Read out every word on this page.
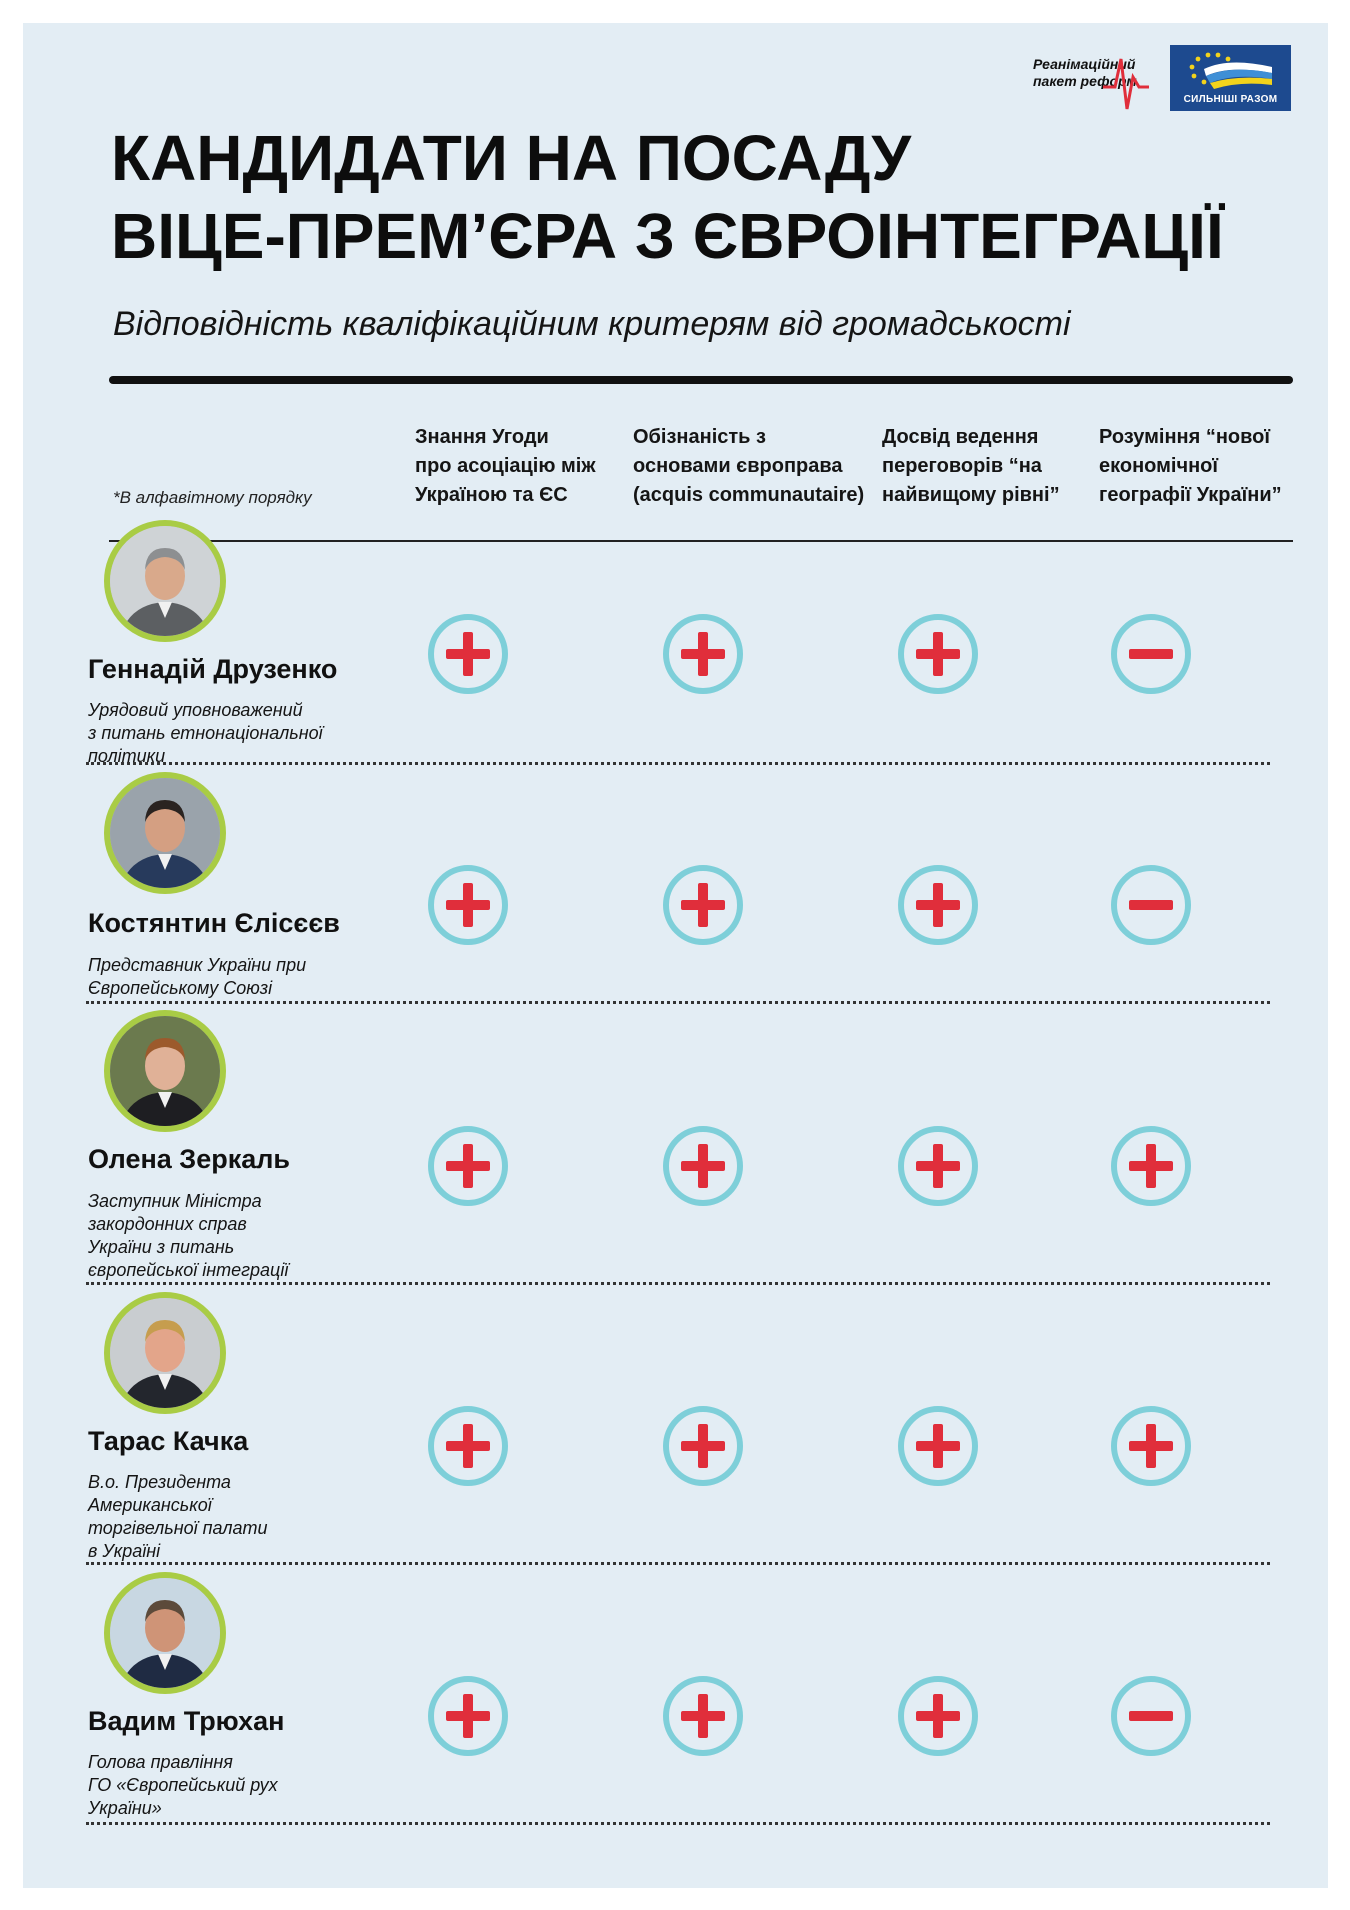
Реанімаційний
пакет реформ
СИЛЬНІШІ РАЗОМ
КАНДИДАТИ НА ПОСАДУ
ВІЦЕ-ПРЕМ’ЄРА З ЄВРОІНТЕГРАЦІЇ
Відповідність кваліфікаційним критерям від громадськості
*В алфавітному порядку
Знання Угоди
про асоціацію між
Україною та ЄС
Обізнаність з
основами європрава
(acquis communautaire)
Досвід ведення
переговорів “на
найвищому рівні”
Розуміння “нової
економічної
географії України”
Геннадій Друзенко
Урядовий уповноважений
з питань етнонаціональної
політики
Костянтин Єлісєєв
Представник України при
Європейському Союзі
Олена Зеркаль
Заступник Міністра
закордонних справ
України з питань
європейської інтеграції
Тарас Качка
В.о. Президента
Американської
торгівельної палати
в Україні
Вадим Трюхан
Голова правління
ГО «Європейський рух
України»
